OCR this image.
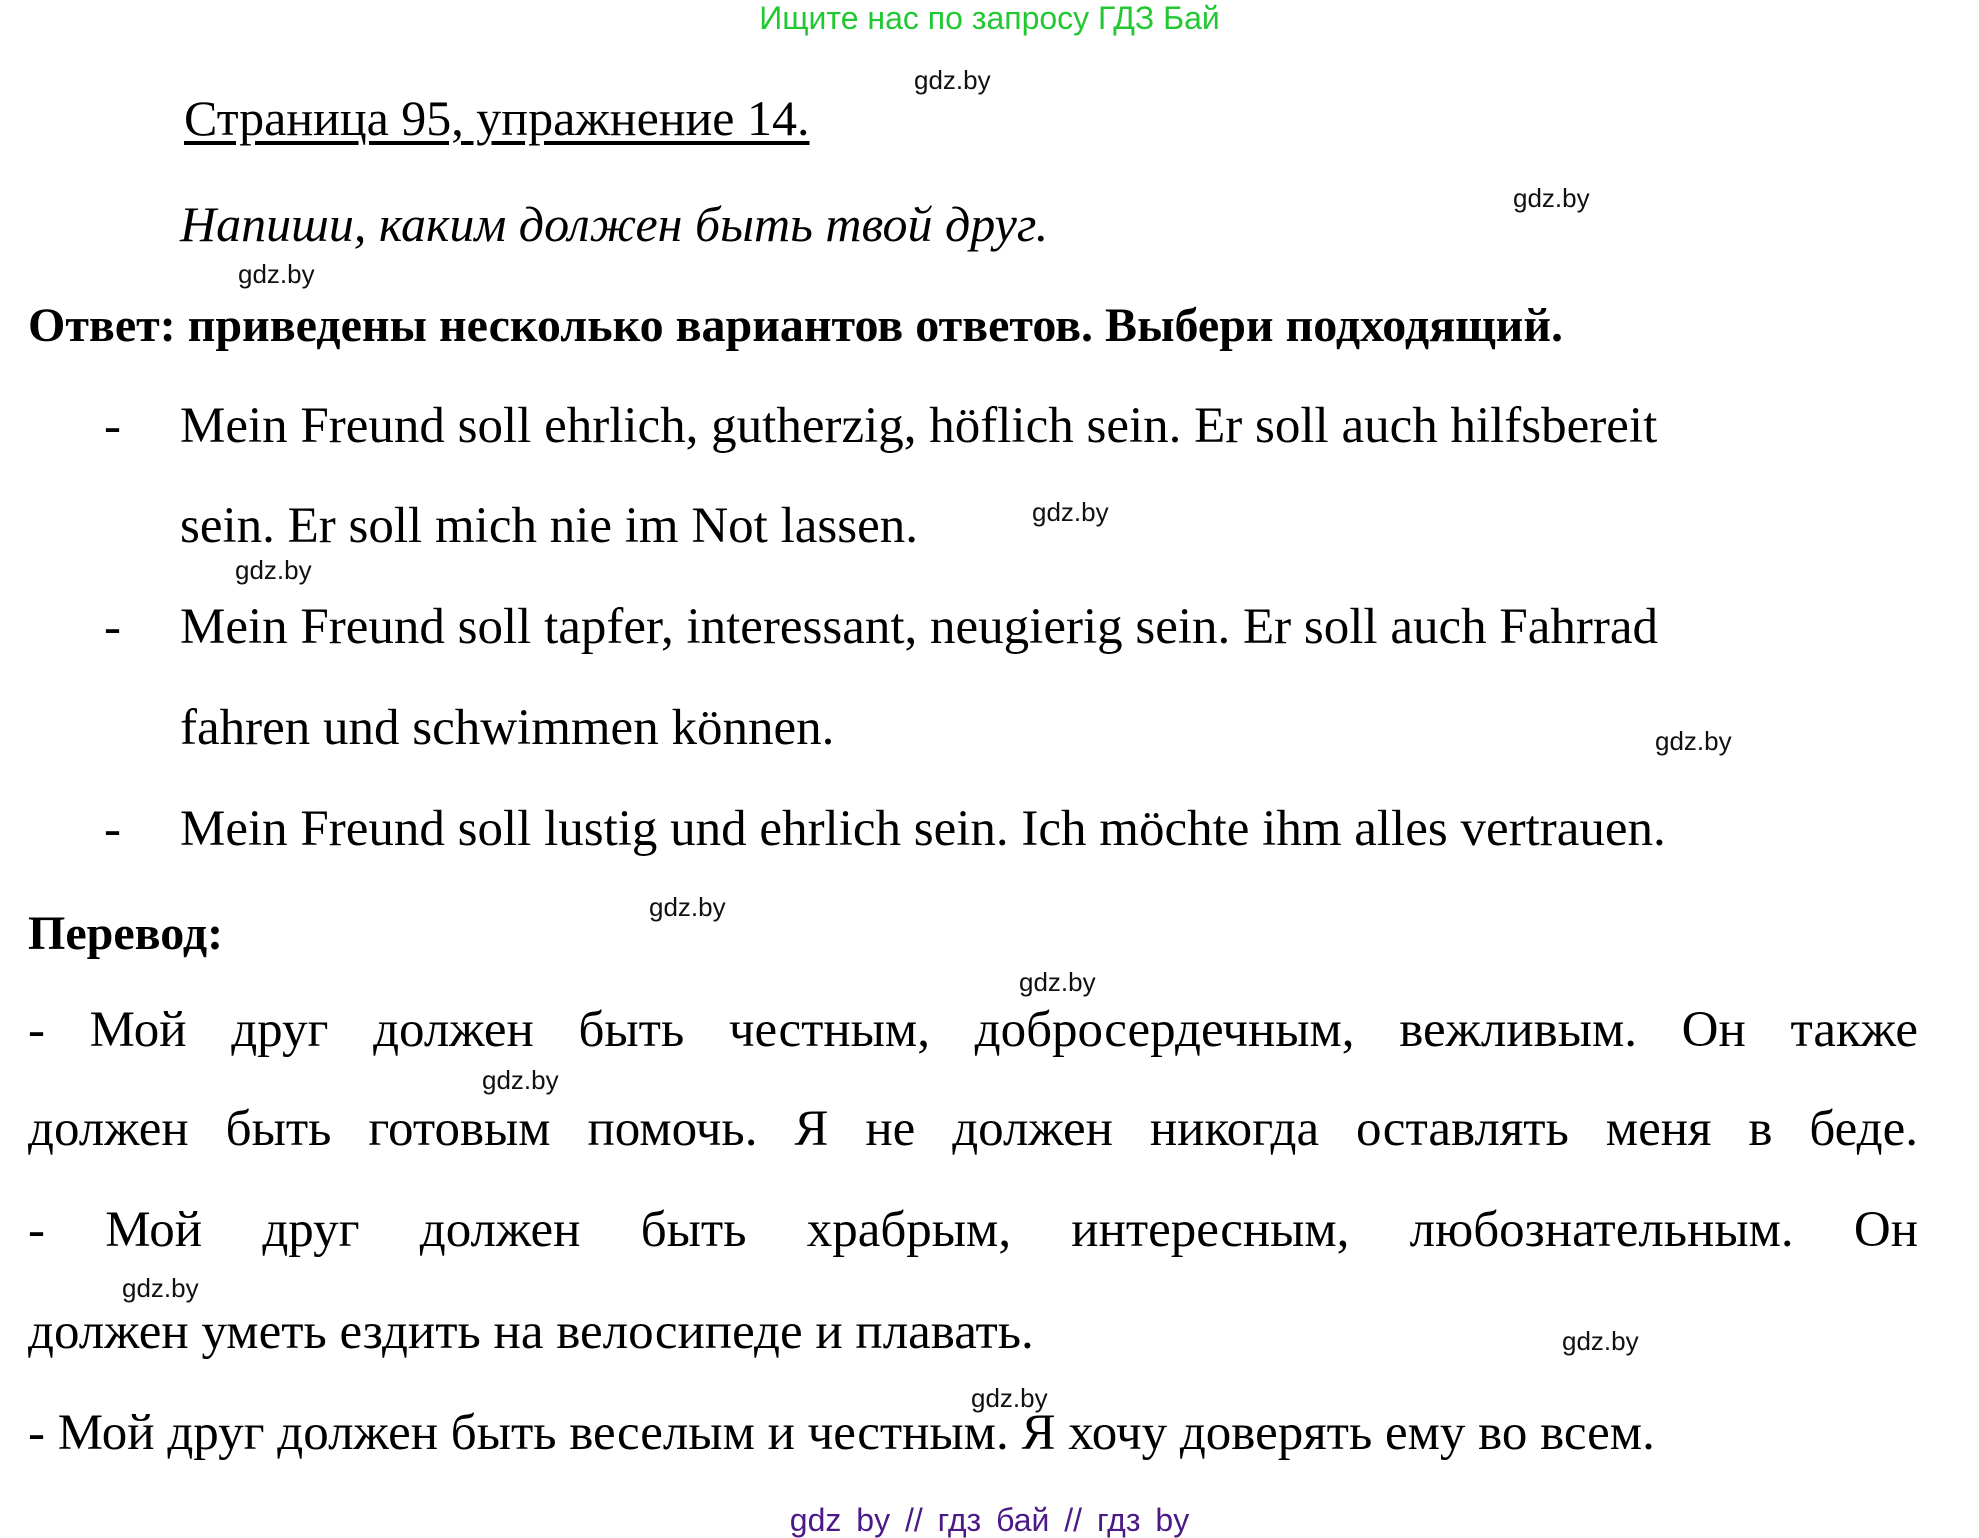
Ищите нас по запросу ГДЗ Бай
Страница 95, упражнение 14.
Напиши, каким должен быть твой друг.
Ответ: приведены несколько вариантов ответов. Выбери подходящий.
- Mein Freund soll ehrlich, gutherzig, höflich sein. Er soll auch hilfsbereit
sein. Er soll mich nie im Not lassen.
- Mein Freund soll tapfer, interessant, neugierig sein. Er soll auch Fahrrad
fahren und schwimmen können.
- Mein Freund soll lustig und ehrlich sein. Ich möchte ihm alles vertrauen.
Перевод:
- Мой друг должен быть честным, добросердечным, вежливым. Он также
должен быть готовым помочь. Я не должен никогда оставлять меня в беде.
- Мой друг должен быть храбрым, интересным, любознательным. Он
должен уметь ездить на велосипеде и плавать.
- Мой друг должен быть веселым и честным. Я хочу доверять ему во всем.
gdz.by
gdz.by
gdz.by
gdz.by
gdz.by
gdz.by
gdz.by
gdz.by
gdz.by
gdz.by
gdz.by
gdz.by
gdz by // гдз бай // гдз by
